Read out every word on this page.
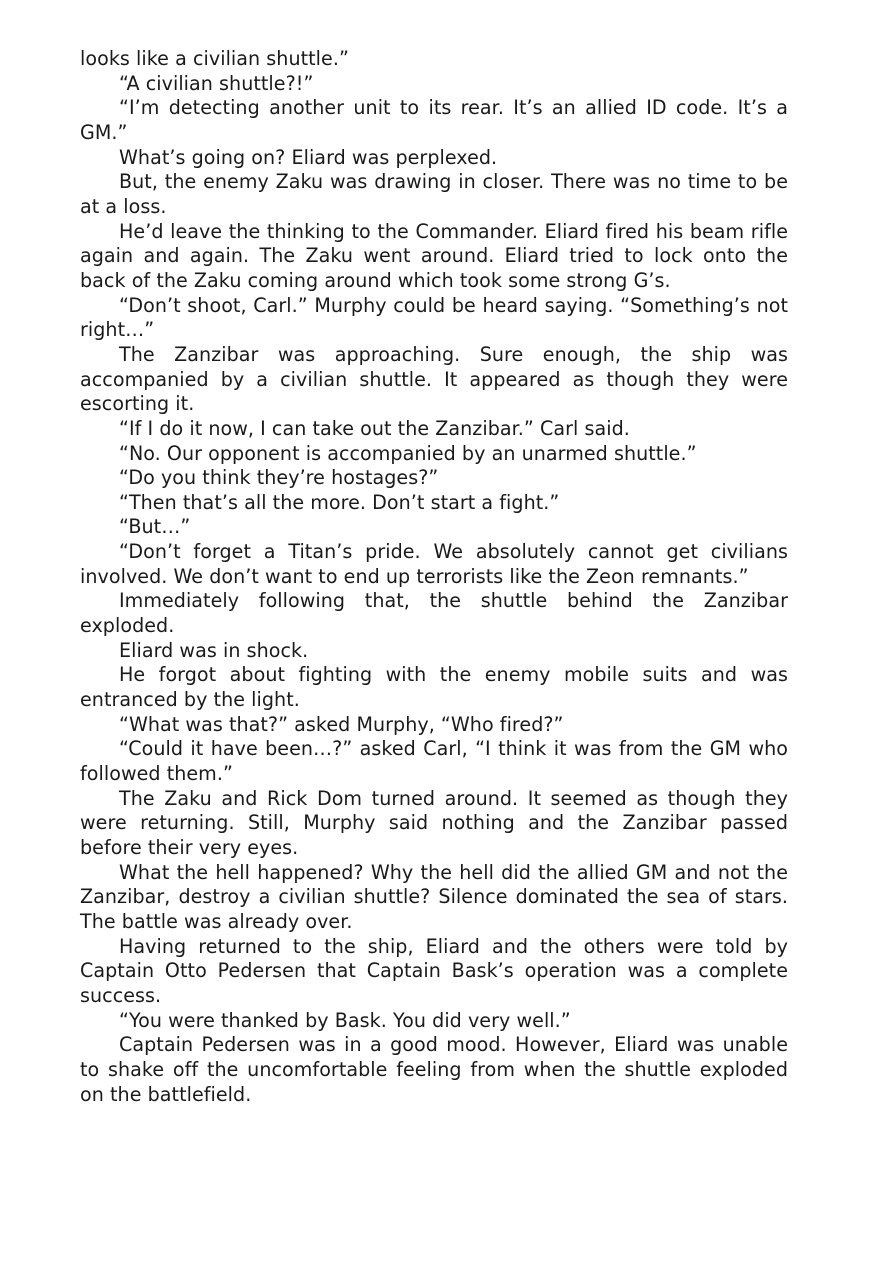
looks like a civilian shuttle.”

“A civilian shuttle?!”

“I’m detecting another unit to its rear. It’s an allied ID code. It’s a GM.”

What’s going on? Eliard was perplexed.

But, the enemy Zaku was drawing in closer. There was no time to be at a loss.

He’d leave the thinking to the Commander. Eliard fired his beam rifle again and again. The Zaku went around. Eliard tried to lock onto the back of the Zaku coming around which took some strong G’s.

“Don’t shoot, Carl.” Murphy could be heard saying. “Something’s not right…”

The Zanzibar was approaching. Sure enough, the ship was accompanied by a civilian shuttle. It appeared as though they were escorting it.

“If I do it now, I can take out the Zanzibar.” Carl said.

“No. Our opponent is accompanied by an unarmed shuttle.”

“Do you think they’re hostages?”

“Then that’s all the more. Don’t start a fight.”

“But…”

“Don’t forget a Titan’s pride. We absolutely cannot get civilians involved. We don’t want to end up terrorists like the Zeon remnants.”

Immediately following that, the shuttle behind the Zanzibar exploded.

Eliard was in shock.

He forgot about fighting with the enemy mobile suits and was entranced by the light.

“What was that?” asked Murphy, “Who fired?”

“Could it have been…?” asked Carl, “I think it was from the GM who followed them.”

The Zaku and Rick Dom turned around. It seemed as though they were returning. Still, Murphy said nothing and the Zanzibar passed before their very eyes.

What the hell happened? Why the hell did the allied GM and not the Zanzibar, destroy a civilian shuttle? Silence dominated the sea of stars. The battle was already over.

Having returned to the ship, Eliard and the others were told by Captain Otto Pedersen that Captain Bask’s operation was a complete success.

“You were thanked by Bask. You did very well.”

Captain Pedersen was in a good mood. However, Eliard was unable to shake off the uncomfortable feeling from when the shuttle exploded on the battlefield.
